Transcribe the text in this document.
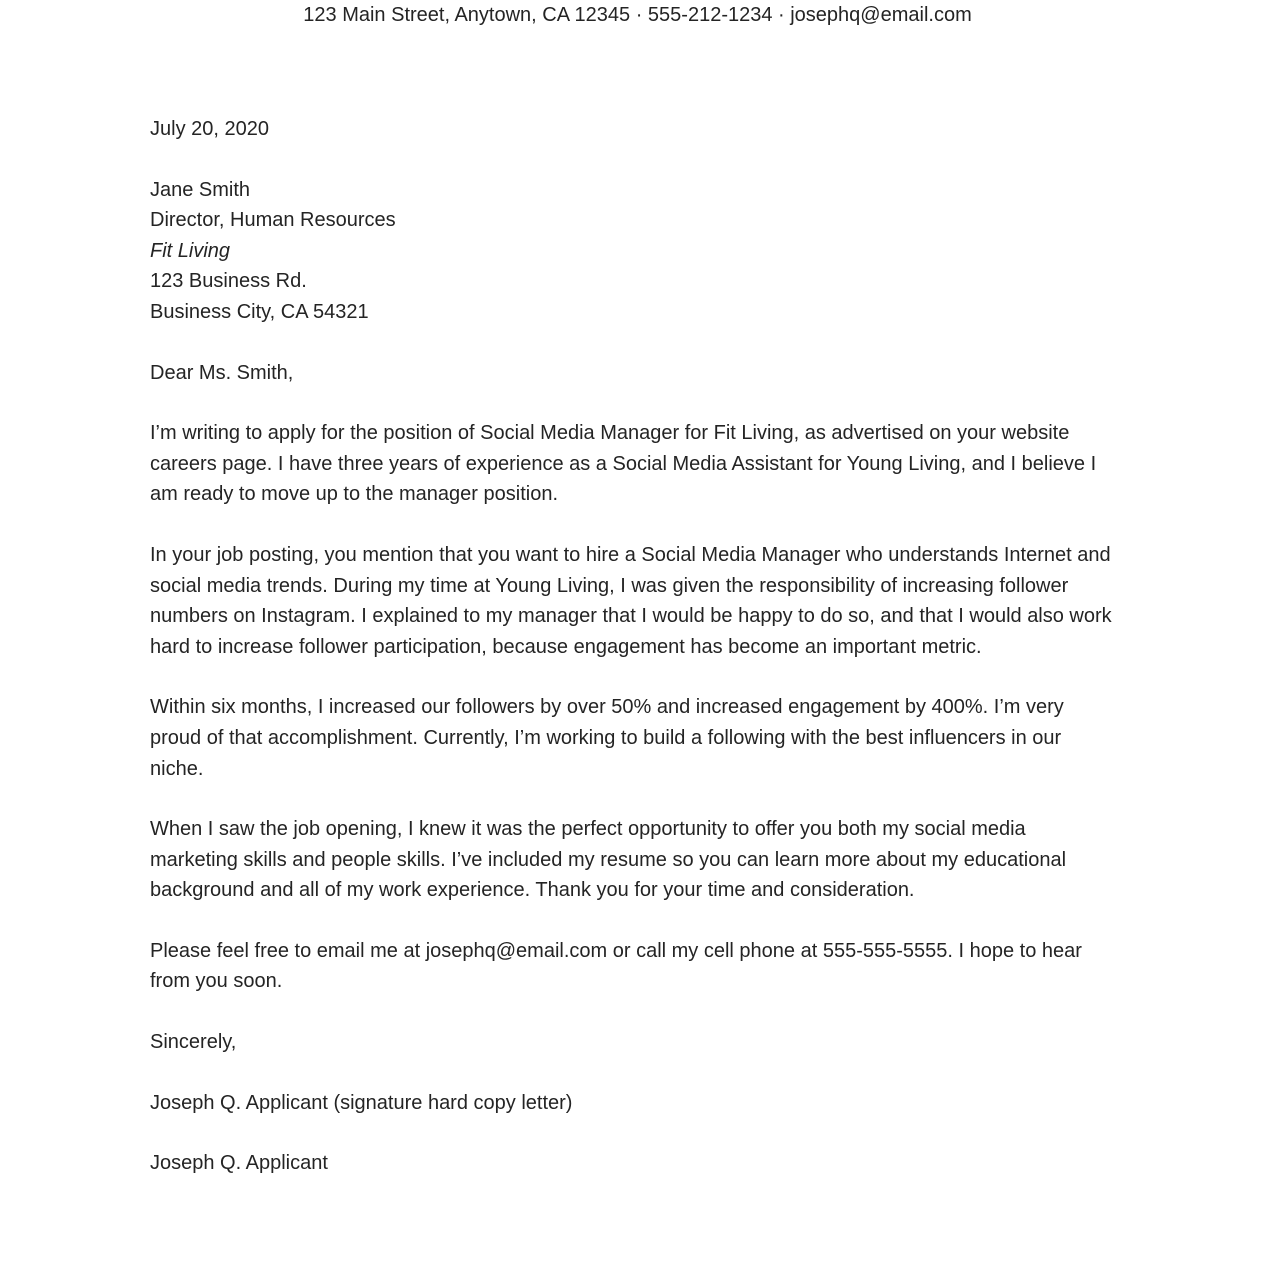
123 Main Street, Anytown, CA 12345 · 555-212-1234 · josephq@email.com
July 20, 2020
Jane Smith
Director, Human Resources
Fit Living
123 Business Rd.
Business City, CA 54321
Dear Ms. Smith,

I’m writing to apply for the position of Social Media Manager for Fit Living, as advertised on your website careers page. I have three years of experience as a Social Media Assistant for Young Living, and I believe I am ready to move up to the manager position.

In your job posting, you mention that you want to hire a Social Media Manager who understands Internet and social media trends. During my time at Young Living, I was given the responsibility of increasing follower numbers on Instagram. I explained to my manager that I would be happy to do so, and that I would also work hard to increase follower participation, because engagement has become an important metric.

Within six months, I increased our followers by over 50% and increased engagement by 400%. I’m very proud of that accomplishment. Currently, I’m working to build a following with the best influencers in our niche.

When I saw the job opening, I knew it was the perfect opportunity to offer you both my social media marketing skills and people skills. I’ve included my resume so you can learn more about my educational background and all of my work experience. Thank you for your time and consideration.

Please feel free to email me at josephq@email.com or call my cell phone at 555-555-5555. I hope to hear from you soon.

Sincerely,
Joseph Q. Applicant (signature hard copy letter)
Joseph Q. Applicant
